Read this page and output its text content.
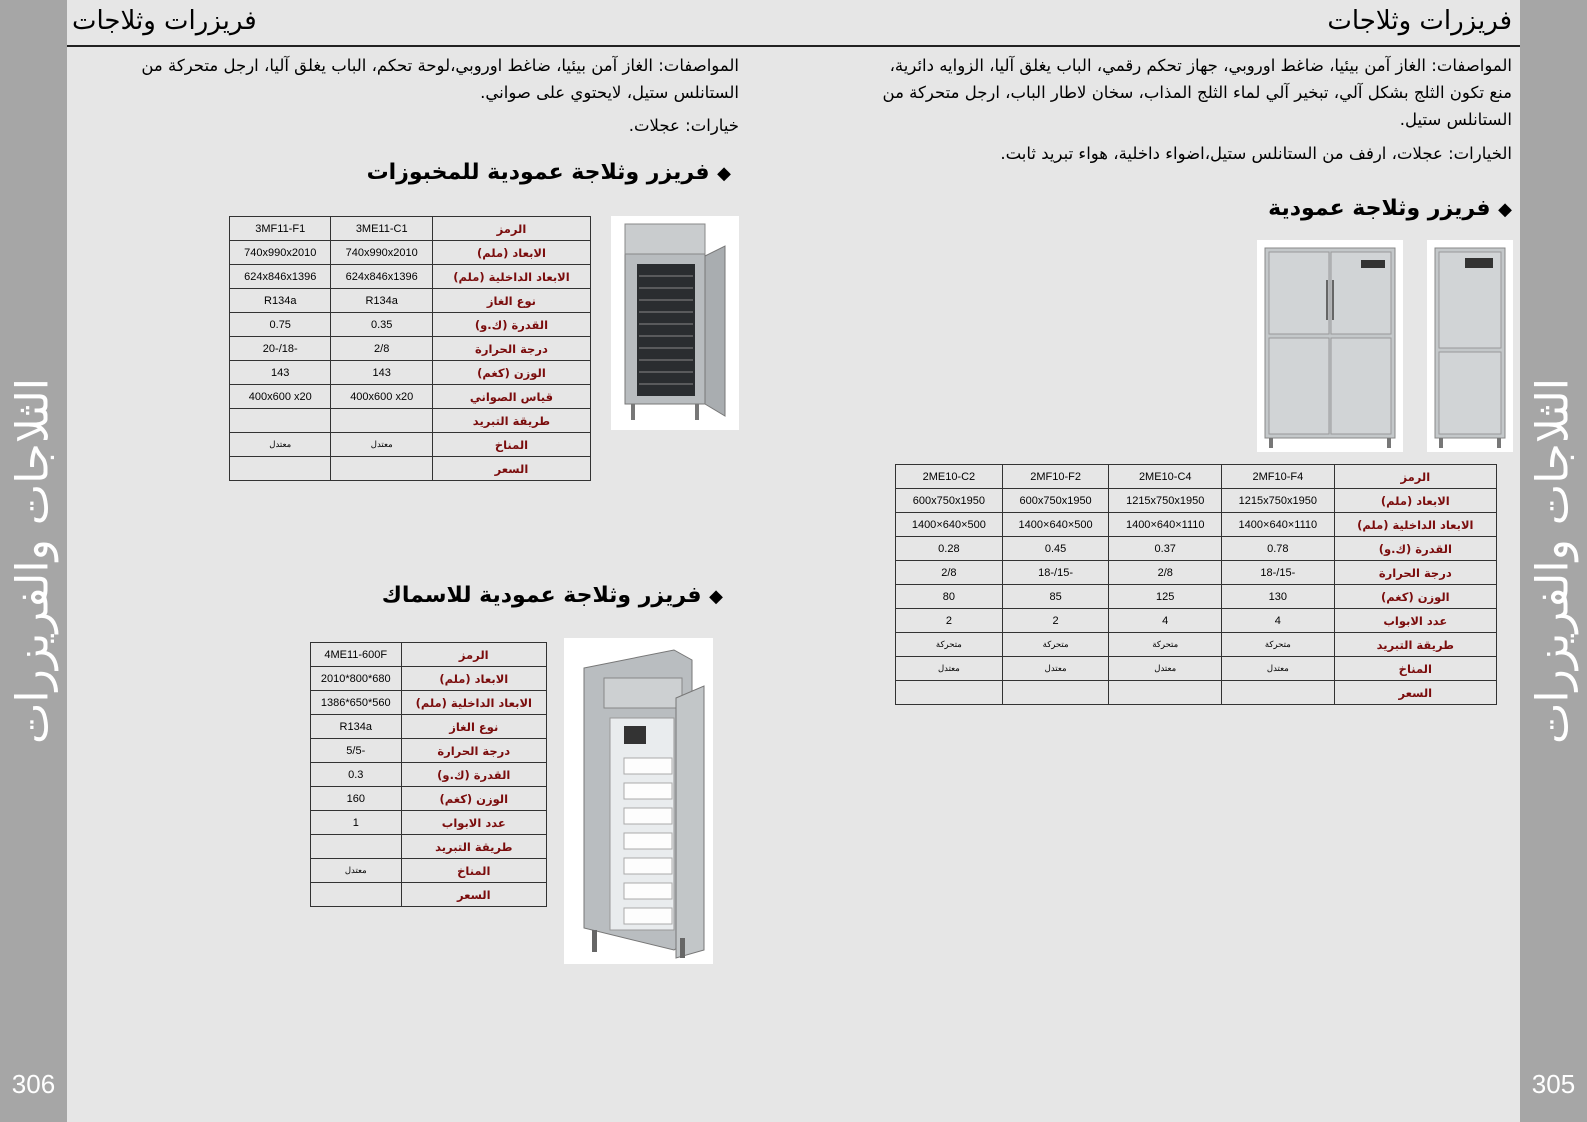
الثلاجات والفريزرات
306
الثلاجات والفريزرات
305
فريزرات وثلاجات
المواصفات: الغاز آمن بيئيا، ضاغط اوروبي،لوحة تحكم، الباب يغلق آليا، ارجل متحركة من الستانلس ستيل، لايحتوي على صواني.
خيارات: عجلات.
◆ فريزر وثلاجة عمودية للمخبوزات
الرمز	3ME11-C1	3MF11-F1
الابعاد (ملم)	740x990x2010	740x990x2010
الابعاد الداخلية (ملم)	624x846x1396	624x846x1396
نوع الغاز	R134a	R134a
القدرة (ك.و)	0.35	0.75
درجة الحرارة	2/8	-18/-20
الوزن (كغم)	143	143
قياس الصواني	400x600 x20	400x600 x20
طريقة التبريد		
المناخ	معتدل	معتدل
السعر		
◆ فريزر وثلاجة عمودية للاسماك
الرمز	4ME11-600F
الابعاد (ملم)	680*800*2010
الابعاد الداخلية (ملم)	560*650*1386
نوع الغاز	R134a
درجة الحرارة	-5/5
القدرة (ك.و)	0.3
الوزن (كغم)	160
عدد الابواب	1
طريقة التبريد	
المناخ	معتدل
السعر	
فريزرات وثلاجات
المواصفات: الغاز آمن بيئيا، ضاغط اوروبي، جهاز تحكم رقمي، الباب يغلق آليا، الزوايه دائرية، منع تكون الثلج بشكل آلي، تبخير آلي لماء الثلج المذاب، سخان لاطار الباب، ارجل متحركة من الستانلس ستيل.
الخيارات: عجلات، ارفف من الستانلس ستيل،اضواء داخلية، هواء تبريد ثابت.
◆ فريزر وثلاجة عمودية
الرمز	2MF10-F4	2ME10-C4	2MF10-F2	2ME10-C2
الابعاد (ملم)	1215x750x1950	1215x750x1950	600x750x1950	600x750x1950
الابعاد الداخلية (ملم)	1110×640×1400	1110×640×1400	500×640×1400	500×640×1400
القدرة (ك.و)	0.78	0.37	0.45	0.28
درجة الحرارة	-15/-18	2/8	-15/-18	2/8
الوزن (كغم)	130	125	85	80
عدد الابواب	4	4	2	2
طريقة التبريد	متحركة	متحركة	متحركة	متحركة
المناخ	معتدل	معتدل	معتدل	معتدل
السعر				
